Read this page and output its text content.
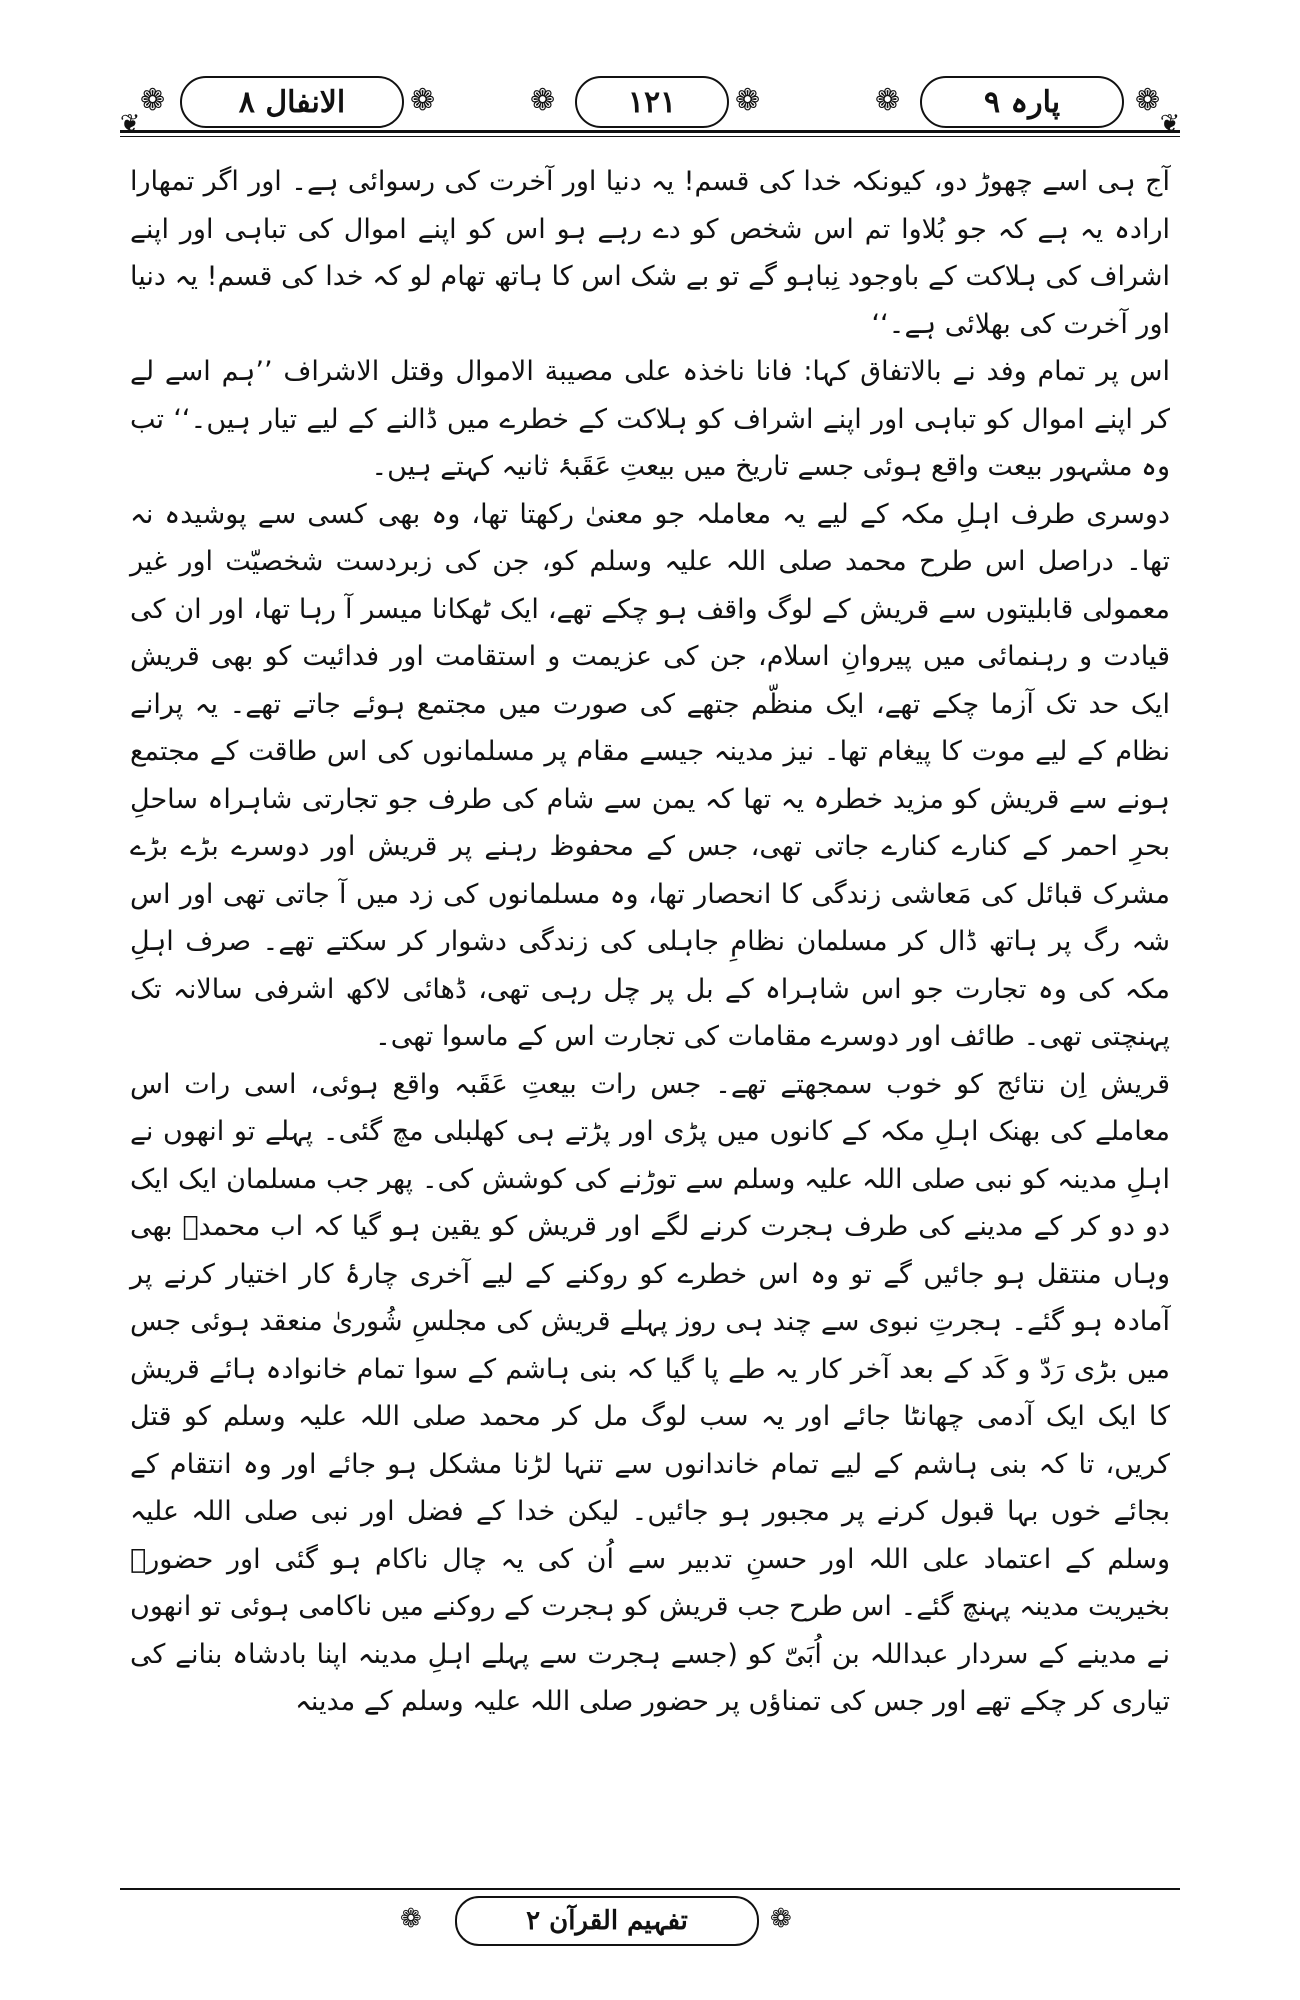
❦
❁	الانفال ۸	❁	❁	۱۲۱	❁	❁	پارہ ۹	❁
❦

آج ہی اسے چھوڑ دو، کیونکہ خدا کی قسم! یہ دنیا اور آخرت کی رسوائی ہے۔ اور اگر تمھارا ارادہ یہ ہے کہ جو بُلاوا تم اس شخص کو دے رہے ہو اس کو اپنے اموال کی تباہی اور اپنے اشراف کی ہلاکت کے باوجود نِباہو گے تو بے شک اس کا ہاتھ تھام لو کہ خدا کی قسم! یہ دنیا اور آخرت کی بھلائی ہے۔‘‘

اس پر تمام وفد نے بالاتفاق کہا: فانا ناخذہ علی مصیبة الاموال وقتل الاشراف ’’ہم اسے لے کر اپنے اموال کو تباہی اور اپنے اشراف کو ہلاکت کے خطرے میں ڈالنے کے لیے تیار ہیں۔‘‘ تب وہ مشہور بیعت واقع ہوئی جسے تاریخ میں بیعتِ عَقَبۂ ثانیہ کہتے ہیں۔

دوسری طرف اہلِ مکہ کے لیے یہ معاملہ جو معنیٰ رکھتا تھا، وہ بھی کسی سے پوشیدہ نہ تھا۔ دراصل اس طرح محمد صلی اللہ علیہ وسلم کو، جن کی زبردست شخصیّت اور غیر معمولی قابلیتوں سے قریش کے لوگ واقف ہو چکے تھے، ایک ٹھکانا میسر آ رہا تھا، اور ان کی قیادت و رہنمائی میں پیروانِ اسلام، جن کی عزیمت و استقامت اور فدائیت کو بھی قریش ایک حد تک آزما چکے تھے، ایک منظّم جتھے کی صورت میں مجتمع ہوئے جاتے تھے۔ یہ پرانے نظام کے لیے موت کا پیغام تھا۔ نیز مدینہ جیسے مقام پر مسلمانوں کی اس طاقت کے مجتمع ہونے سے قریش کو مزید خطرہ یہ تھا کہ یمن سے شام کی طرف جو تجارتی شاہراہ ساحلِ بحرِ احمر کے کنارے کنارے جاتی تھی، جس کے محفوظ رہنے پر قریش اور دوسرے بڑے بڑے مشرک قبائل کی مَعاشی زندگی کا انحصار تھا، وہ مسلمانوں کی زد میں آ جاتی تھی اور اس شہ رگ پر ہاتھ ڈال کر مسلمان نظامِ جاہلی کی زندگی دشوار کر سکتے تھے۔ صرف اہلِ مکہ کی وہ تجارت جو اس شاہراہ کے بل پر چل رہی تھی، ڈھائی لاکھ اشرفی سالانہ تک پہنچتی تھی۔ طائف اور دوسرے مقامات کی تجارت اس کے ماسوا تھی۔

قریش اِن نتائج کو خوب سمجھتے تھے۔ جس رات بیعتِ عَقَبہ واقع ہوئی، اسی رات اس معاملے کی بھنک اہلِ مکہ کے کانوں میں پڑی اور پڑتے ہی کھلبلی مچ گئی۔ پہلے تو انھوں نے اہلِ مدینہ کو نبی صلی اللہ علیہ وسلم سے توڑنے کی کوشش کی۔ پھر جب مسلمان ایک ایک دو دو کر کے مدینے کی طرف ہجرت کرنے لگے اور قریش کو یقین ہو گیا کہ اب محمدؐ بھی وہاں منتقل ہو جائیں گے تو وہ اس خطرے کو روکنے کے لیے آخری چارۂ کار اختیار کرنے پر آمادہ ہو گئے۔ ہجرتِ نبوی سے چند ہی روز پہلے قریش کی مجلسِ شُوریٰ منعقد ہوئی جس میں بڑی رَدّ و کَد کے بعد آخر کار یہ طے پا گیا کہ بنی ہاشم کے سوا تمام خانوادہ ہائے قریش کا ایک ایک آدمی چھانٹا جائے اور یہ سب لوگ مل کر محمد صلی اللہ علیہ وسلم کو قتل کریں، تا کہ بنی ہاشم کے لیے تمام خاندانوں سے تنہا لڑنا مشکل ہو جائے اور وہ انتقام کے بجائے خوں بہا قبول کرنے پر مجبور ہو جائیں۔ لیکن خدا کے فضل اور نبی صلی اللہ علیہ وسلم کے اعتماد علی اللہ اور حسنِ تدبیر سے اُن کی یہ چال ناکام ہو گئی اور حضورؐ بخیریت مدینہ پہنچ گئے۔ اس طرح جب قریش کو ہجرت کے روکنے میں ناکامی ہوئی تو انھوں نے مدینے کے سردار عبداللہ بن اُبَیّ کو (جسے ہجرت سے پہلے اہلِ مدینہ اپنا بادشاہ بنانے کی تیاری کر چکے تھے اور جس کی تمناؤں پر حضور صلی اللہ علیہ وسلم کے مدینہ

❁	تفہیم القرآن ۲	❁
